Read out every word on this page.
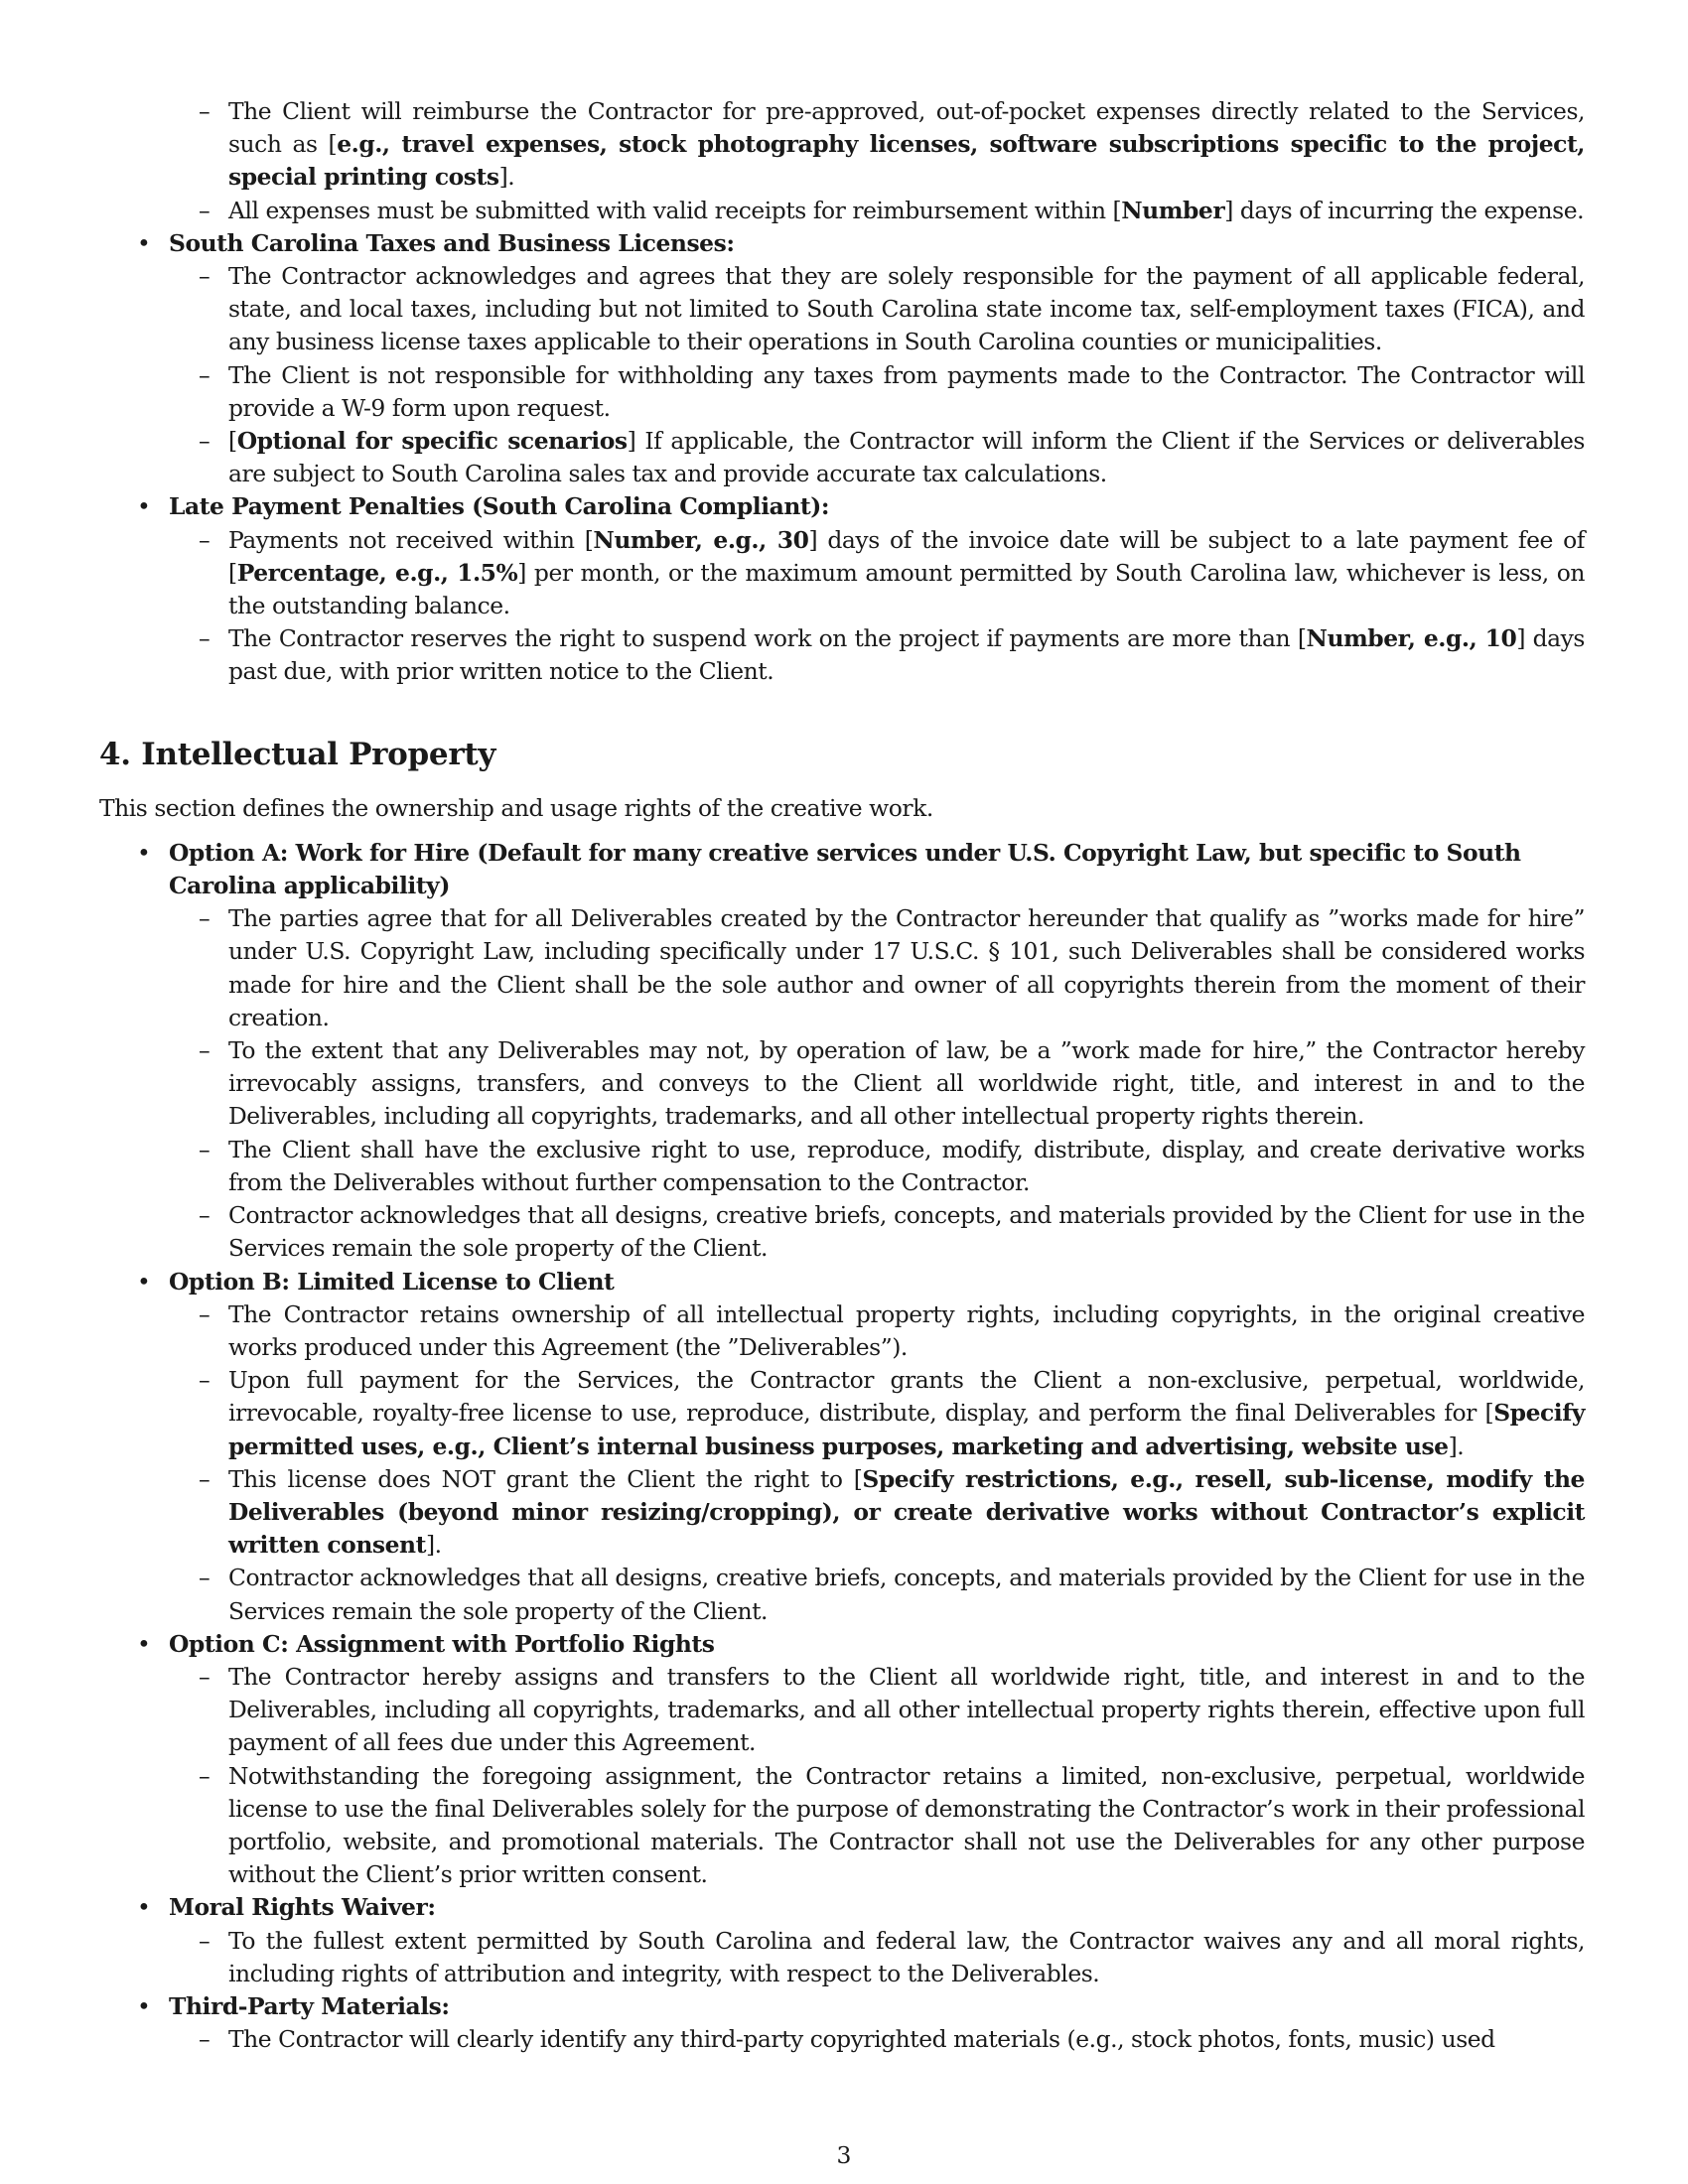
– The Client will reimburse the Contractor for pre-approved, out-of-pocket expenses directly related to the Services, such as [e.g., travel expenses, stock photography licenses, software subscriptions specific to the project, special printing costs].
– All expenses must be submitted with valid receipts for reimbursement within [Number] days of incurring the expense.
• South Carolina Taxes and Business Licenses:
– The Contractor acknowledges and agrees that they are solely responsible for the payment of all applicable federal, state, and local taxes, including but not limited to South Carolina state income tax, self-employment taxes (FICA), and any business license taxes applicable to their operations in South Carolina counties or municipalities.
– The Client is not responsible for withholding any taxes from payments made to the Contractor. The Contractor will provide a W-9 form upon request.
– [Optional for specific scenarios] If applicable, the Contractor will inform the Client if the Services or deliverables are subject to South Carolina sales tax and provide accurate tax calculations.
• Late Payment Penalties (South Carolina Compliant):
– Payments not received within [Number, e.g., 30] days of the invoice date will be subject to a late payment fee of [Percentage, e.g., 1.5%] per month, or the maximum amount permitted by South Carolina law, whichever is less, on the outstanding balance.
– The Contractor reserves the right to suspend work on the project if payments are more than [Number, e.g., 10] days past due, with prior written notice to the Client.
4. Intellectual Property

This section defines the ownership and usage rights of the creative work.

• Option A: Work for Hire (Default for many creative services under U.S. Copyright Law, but specific to South Carolina applicability)
– The parties agree that for all Deliverables created by the Contractor hereunder that qualify as ”works made for hire” under U.S. Copyright Law, including specifically under 17 U.S.C. § 101, such Deliverables shall be considered works made for hire and the Client shall be the sole author and owner of all copyrights therein from the moment of their creation.
– To the extent that any Deliverables may not, by operation of law, be a ”work made for hire,” the Contractor hereby irrevocably assigns, transfers, and conveys to the Client all worldwide right, title, and interest in and to the Deliverables, including all copyrights, trademarks, and all other intellectual property rights therein.
– The Client shall have the exclusive right to use, reproduce, modify, distribute, display, and create derivative works from the Deliverables without further compensation to the Contractor.
– Contractor acknowledges that all designs, creative briefs, concepts, and materials provided by the Client for use in the Services remain the sole property of the Client.
• Option B: Limited License to Client
– The Contractor retains ownership of all intellectual property rights, including copyrights, in the original creative works produced under this Agreement (the ”Deliverables”).
– Upon full payment for the Services, the Contractor grants the Client a non-exclusive, perpetual, worldwide, irrevocable, royalty-free license to use, reproduce, distribute, display, and perform the final Deliverables for [Specify permitted uses, e.g., Client’s internal business purposes, marketing and advertising, website use].
– This license does NOT grant the Client the right to [Specify restrictions, e.g., resell, sub-license, modify the Deliverables (beyond minor resizing/cropping), or create derivative works without Contractor’s explicit written consent].
– Contractor acknowledges that all designs, creative briefs, concepts, and materials provided by the Client for use in the Services remain the sole property of the Client.
• Option C: Assignment with Portfolio Rights
– The Contractor hereby assigns and transfers to the Client all worldwide right, title, and interest in and to the Deliverables, including all copyrights, trademarks, and all other intellectual property rights therein, effective upon full payment of all fees due under this Agreement.
– Notwithstanding the foregoing assignment, the Contractor retains a limited, non-exclusive, perpetual, worldwide license to use the final Deliverables solely for the purpose of demonstrating the Contractor’s work in their professional portfolio, website, and promotional materials. The Contractor shall not use the Deliverables for any other purpose without the Client’s prior written consent.
• Moral Rights Waiver:
– To the fullest extent permitted by South Carolina and federal law, the Contractor waives any and all moral rights, including rights of attribution and integrity, with respect to the Deliverables.
• Third-Party Materials:
– The Contractor will clearly identify any third-party copyrighted materials (e.g., stock photos, fonts, music) used
3
